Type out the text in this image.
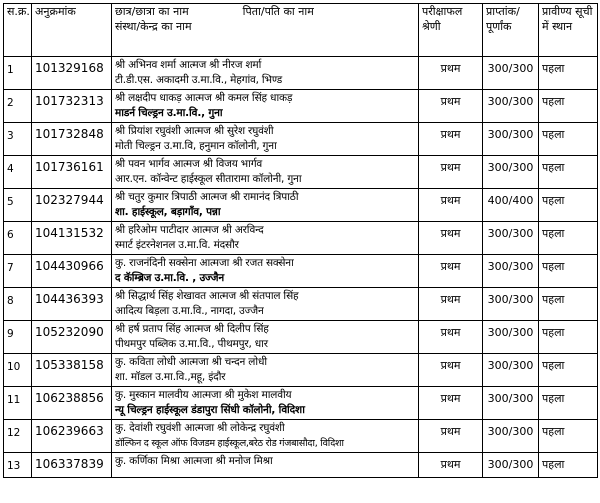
स.क्र.	अनुक्रमांक	छात्र/छात्रा का नाम पिता/पति का नाम
संस्था/केन्द्र का नाम	परीक्षाफल श्रेणी	प्राप्तांक/ पूर्णांक	प्रावीण्य सूची में स्थान
1	101329168	श्री अभिनव शर्मा आत्मज श्री नीरज शर्मा
टी.डी.एस. अकादमी उ.मा.वि., मेहगांव, भिण्ड	प्रथम	300/300	पहला
2	101732313	श्री लक्षदीप धाकड़ आत्मज श्री कमल सिंह धाकड़
माडर्न चिल्ड्रन उ.मा.वि., गुना	प्रथम	300/300	पहला
3	101732848	श्री प्रियांश रघुवंशी आत्मज श्री सुरेश रघुवंशी
मोती चिल्ड्रन उ.मा.वि, हनुमान कॉलोनी, गुना	प्रथम	300/300	पहला
4	101736161	श्री पवन भार्गव आत्मज श्री विजय भार्गव
आर.एन. कॉन्वेन्ट हाईस्कूल सीतारामा कॉलोनी, गुना	प्रथम	300/300	पहला
5	102327944	श्री चतुर कुमार त्रिपाठी आत्मज श्री रामानंद त्रिपाठी
शा. हाईस्कूल, बड़ागाँव, पन्ना	प्रथम	400/400	पहला
6	104131532	श्री हरिओम पाटीदार आत्मज श्री अरविन्द
स्मार्ट इंटरनेशनल उ.मा.वि. मंदसौर	प्रथम	300/300	पहला
7	104430966	कु. राजनंदिनी सक्सेना आत्मजा श्री रजत सक्सेना
द कॅम्ब्रिज उ.मा.वि. , उज्जैन	प्रथम	300/300	पहला
8	104436393	श्री सिद्धार्थ सिंह शेखावत आत्मज श्री संतपाल सिंह
आदित्य बिड़ला उ.मा.वि., नागदा, उज्जैन	प्रथम	300/300	पहला
9	105232090	श्री हर्ष प्रताप सिंह आत्मज श्री दिलीप सिंह
पीथमपुर पब्लिक उ.मा.वि., पीथमपुर, धार	प्रथम	300/300	पहला
10	105338158	कु. कविता लोधी आत्मजा श्री चन्दन लोधी
शा. मॉडल उ.मा.वि.,महू, इंदौर	प्रथम	300/300	पहला
11	106238856	कु. मुस्कान मालवीय आत्मजा श्री मुकेश मालवीय
न्यू चिल्ड्रन हाईस्कूल डंडापुरा सिंधी कॉलोनी, विदिशा	प्रथम	300/300	पहला
12	106239663	कु. देवांशी रघुवंशी आत्मजा श्री लोकेन्द्र रघुवंशी
डॉल्फिन द स्कूल ऑफ विजडम हाईस्कूल,बरेठ रोड गंजबासौदा, विदिशा	प्रथम	300/300	पहला
13	106337839	कु. कर्णिका मिश्रा आत्मजा श्री मनोज मिश्रा	प्रथम	300/300	पहला
